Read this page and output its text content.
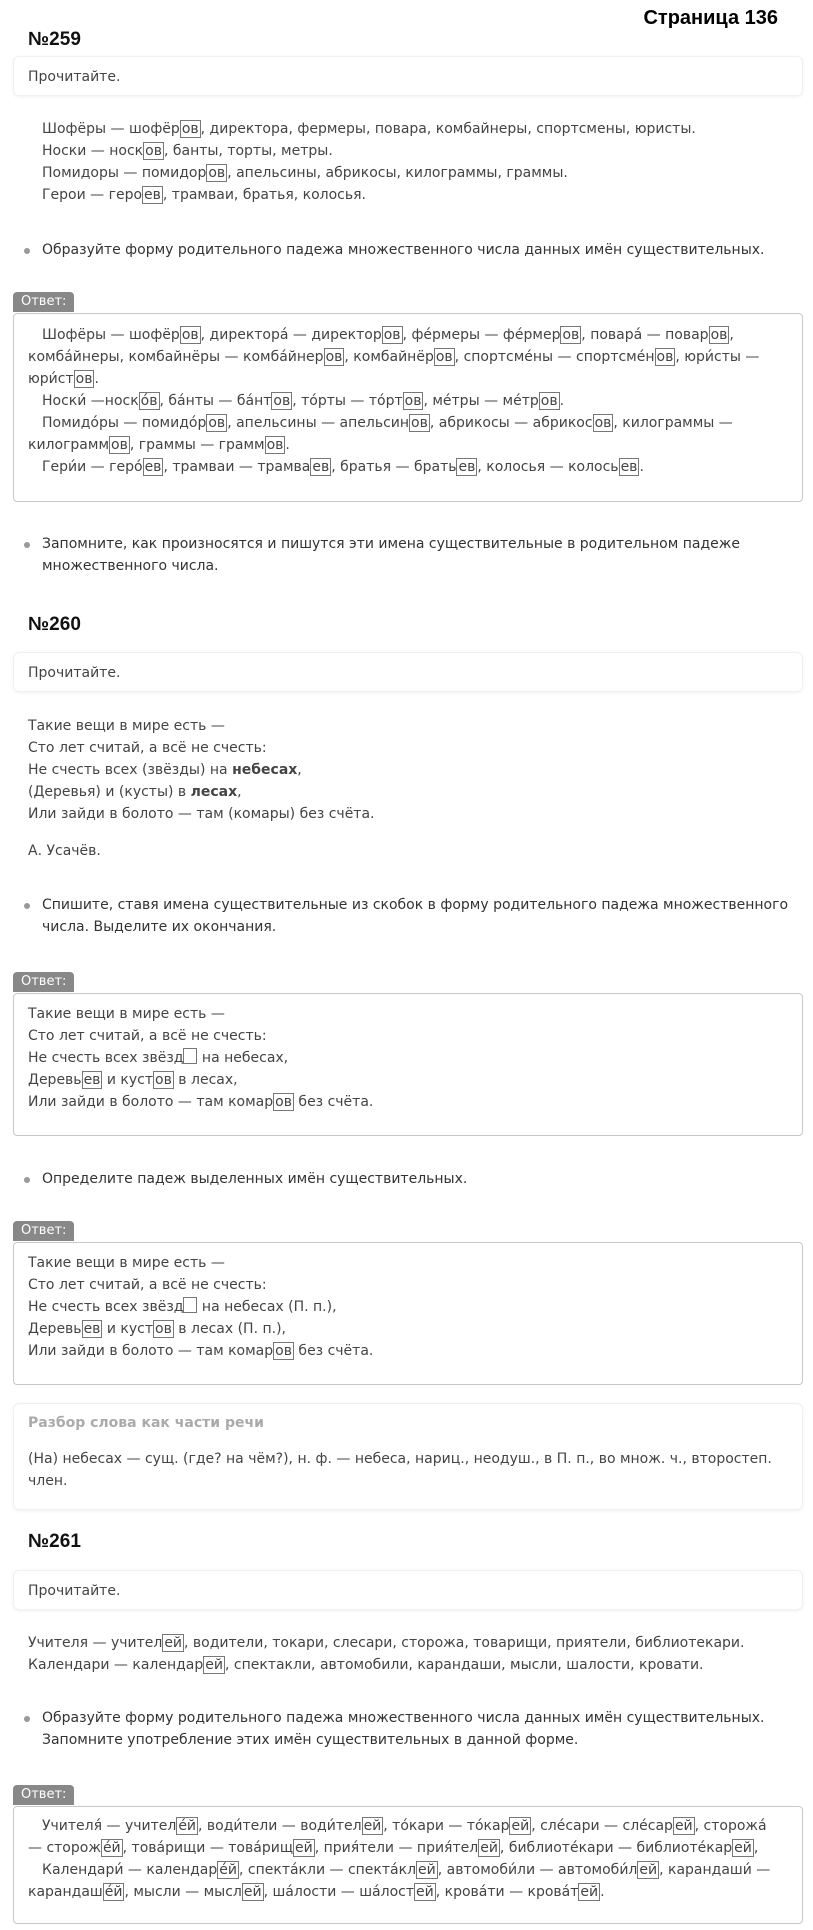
Страница 136
№259
Прочитайте.

Шофёры — шофёр ов , директора, фермеры, повара, комбайнеры, спортсмены, юристы.

Носки — носк ов , банты, торты, метры.

Помидоры — помидор ов , апельсины, абрикосы, килограммы, граммы.

Герои — геро ев , трамваи, братья, колосья.

Образуйте форму родительного падежа множественного числа данных имён существительных.
Ответ:

Шофёры — шофёр ов , директорá — директор ов , фéрмеры — фéрмер ов , поварá — повар ов ,

комбáйнеры, комбайнёры — комбáйнер ов , комбайнёр ов , спортсмéны — спортсмéн ов , юри́сты —

юри́ст ов .

Носки́ —носк óв , бáнты — бáнт ов , тóрты — тóрт ов , мéтры — мéтр ов .

Помидóры — помидóр ов , апельсины — апельсин ов , абрикосы — абрикос ов , килограммы —

килограмм ов , граммы — грамм ов .

Гери́и — герó ев , трамваи — трамва ев , братья — брать ев , колосья — колось ев .

Запомните, как произносятся и пишутся эти имена существительные в родительном падеже множественного числа.
№260
Прочитайте.

Такие вещи в мире есть —

Сто лет считай, а всё не счесть:

Не счесть всех (звёзды) на небесах,

(Деревья) и (кусты) в лесах,

Или зайди в болото — там (комары) без счёта.

А. Усачёв.
Спишите, ставя имена существительные из скобок в форму родительного падежа множественного числа. Выделите их окончания.
Ответ:

Такие вещи в мире есть —

Сто лет считай, а всё не счесть:

Не счесть всех звёзд на небесах,

Деревь ев и куст ов в лесах,

Или зайди в болото — там комар ов без счёта.

Определите падеж выделенных имён существительных.
Ответ:

Такие вещи в мире есть —

Сто лет считай, а всё не счесть:

Не счесть всех звёзд на небесах (П. п.),

Деревь ев и куст ов в лесах (П. п.),

Или зайди в болото — там комар ов без счёта.

Разбор слова как части речи
(На) небесах — сущ. (где? на чём?), н. ф. — небеса, нариц., неодуш., в П. п., во множ. ч., второстеп. член.
№261
Прочитайте.

Учителя — учител ей , водители, токари, слесари, сторожа, товарищи, приятели, библиотекари.

Календари — календар ей , спектакли, автомобили, карандаши, мысли, шалости, кровати.

Образуйте форму родительного падежа множественного числа данных имён существительных. Запомните употребление этих имён существительных в данной форме.
Ответ:

Учителя́ — учител éй , води́тели — води́тел ей , тóкари — тóкар ей , слéсари — слéсар ей , сторожá

— сторож éй , товáрищи — товáрищ ей , прия́тели — прия́тел ей , библиотéкари — библиотéкар ей ,

Календари́ — календар éй , спектáкли — спектáкл ей , автомоби́ли — автомоби́л ей , карандаши́ —

карандаш éй , мысли — мысл ей , шáлости — шáлост ей , кровáти — кровáт ей .
